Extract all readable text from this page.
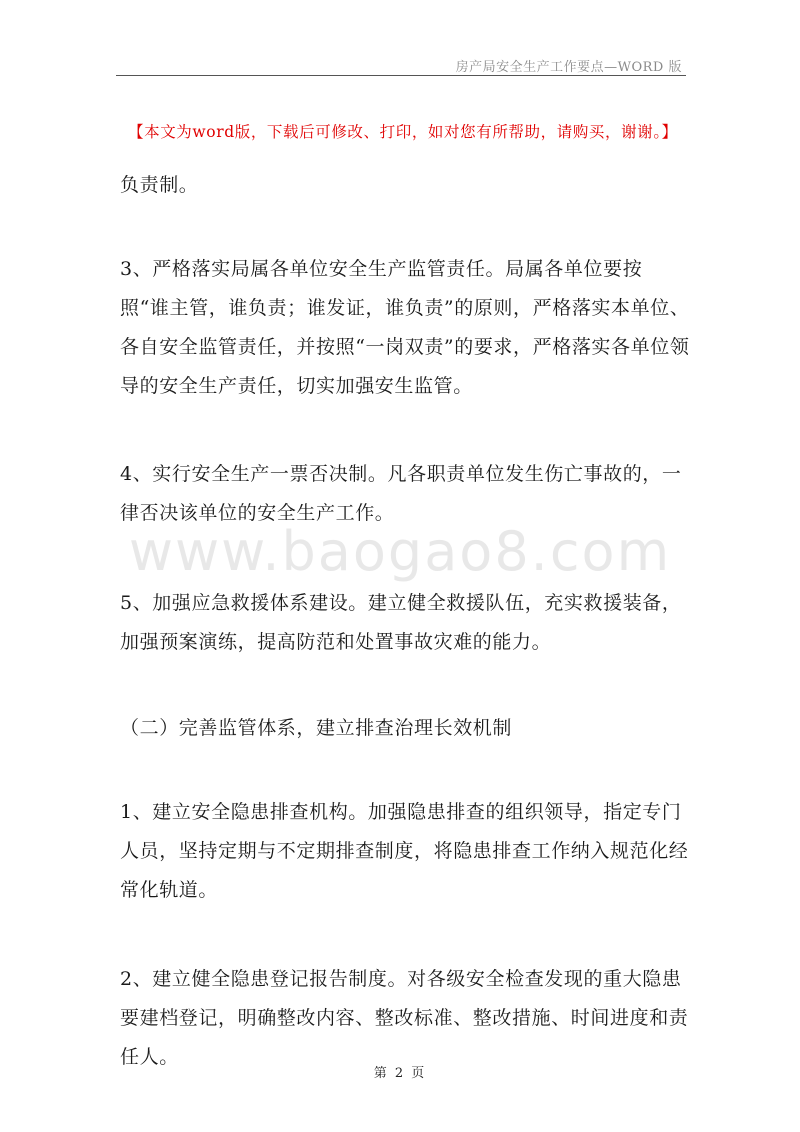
房产局安全生产工作要点—WORD 版
【本文为word版，下载后可修改、打印，如对您有所帮助，请购买，谢谢。】

负责制。

3、严格落实局属各单位安全生产监管责任。局属各单位要按照“谁主管，谁负责；谁发证，谁负责”的原则，严格落实本单位、各自安全监管责任，并按照“一岗双责”的要求，严格落实各单位领导的安全生产责任，切实加强安生监管。

4、实行安全生产一票否决制。凡各职责单位发生伤亡事故的，一律否决该单位的安全生产工作。

5、加强应急救援体系建设。建立健全救援队伍，充实救援装备，加强预案演练，提高防范和处置事故灾难的能力。

（二）完善监管体系，建立排查治理长效机制

1、建立安全隐患排查机构。加强隐患排查的组织领导，指定专门人员，坚持定期与不定期排查制度，将隐患排查工作纳入规范化经常化轨道。

2、建立健全隐患登记报告制度。对各级安全检查发现的重大隐患要建档登记，明确整改内容、整改标准、整改措施、时间进度和责任人。

www.baogao8.com
第 2 页
